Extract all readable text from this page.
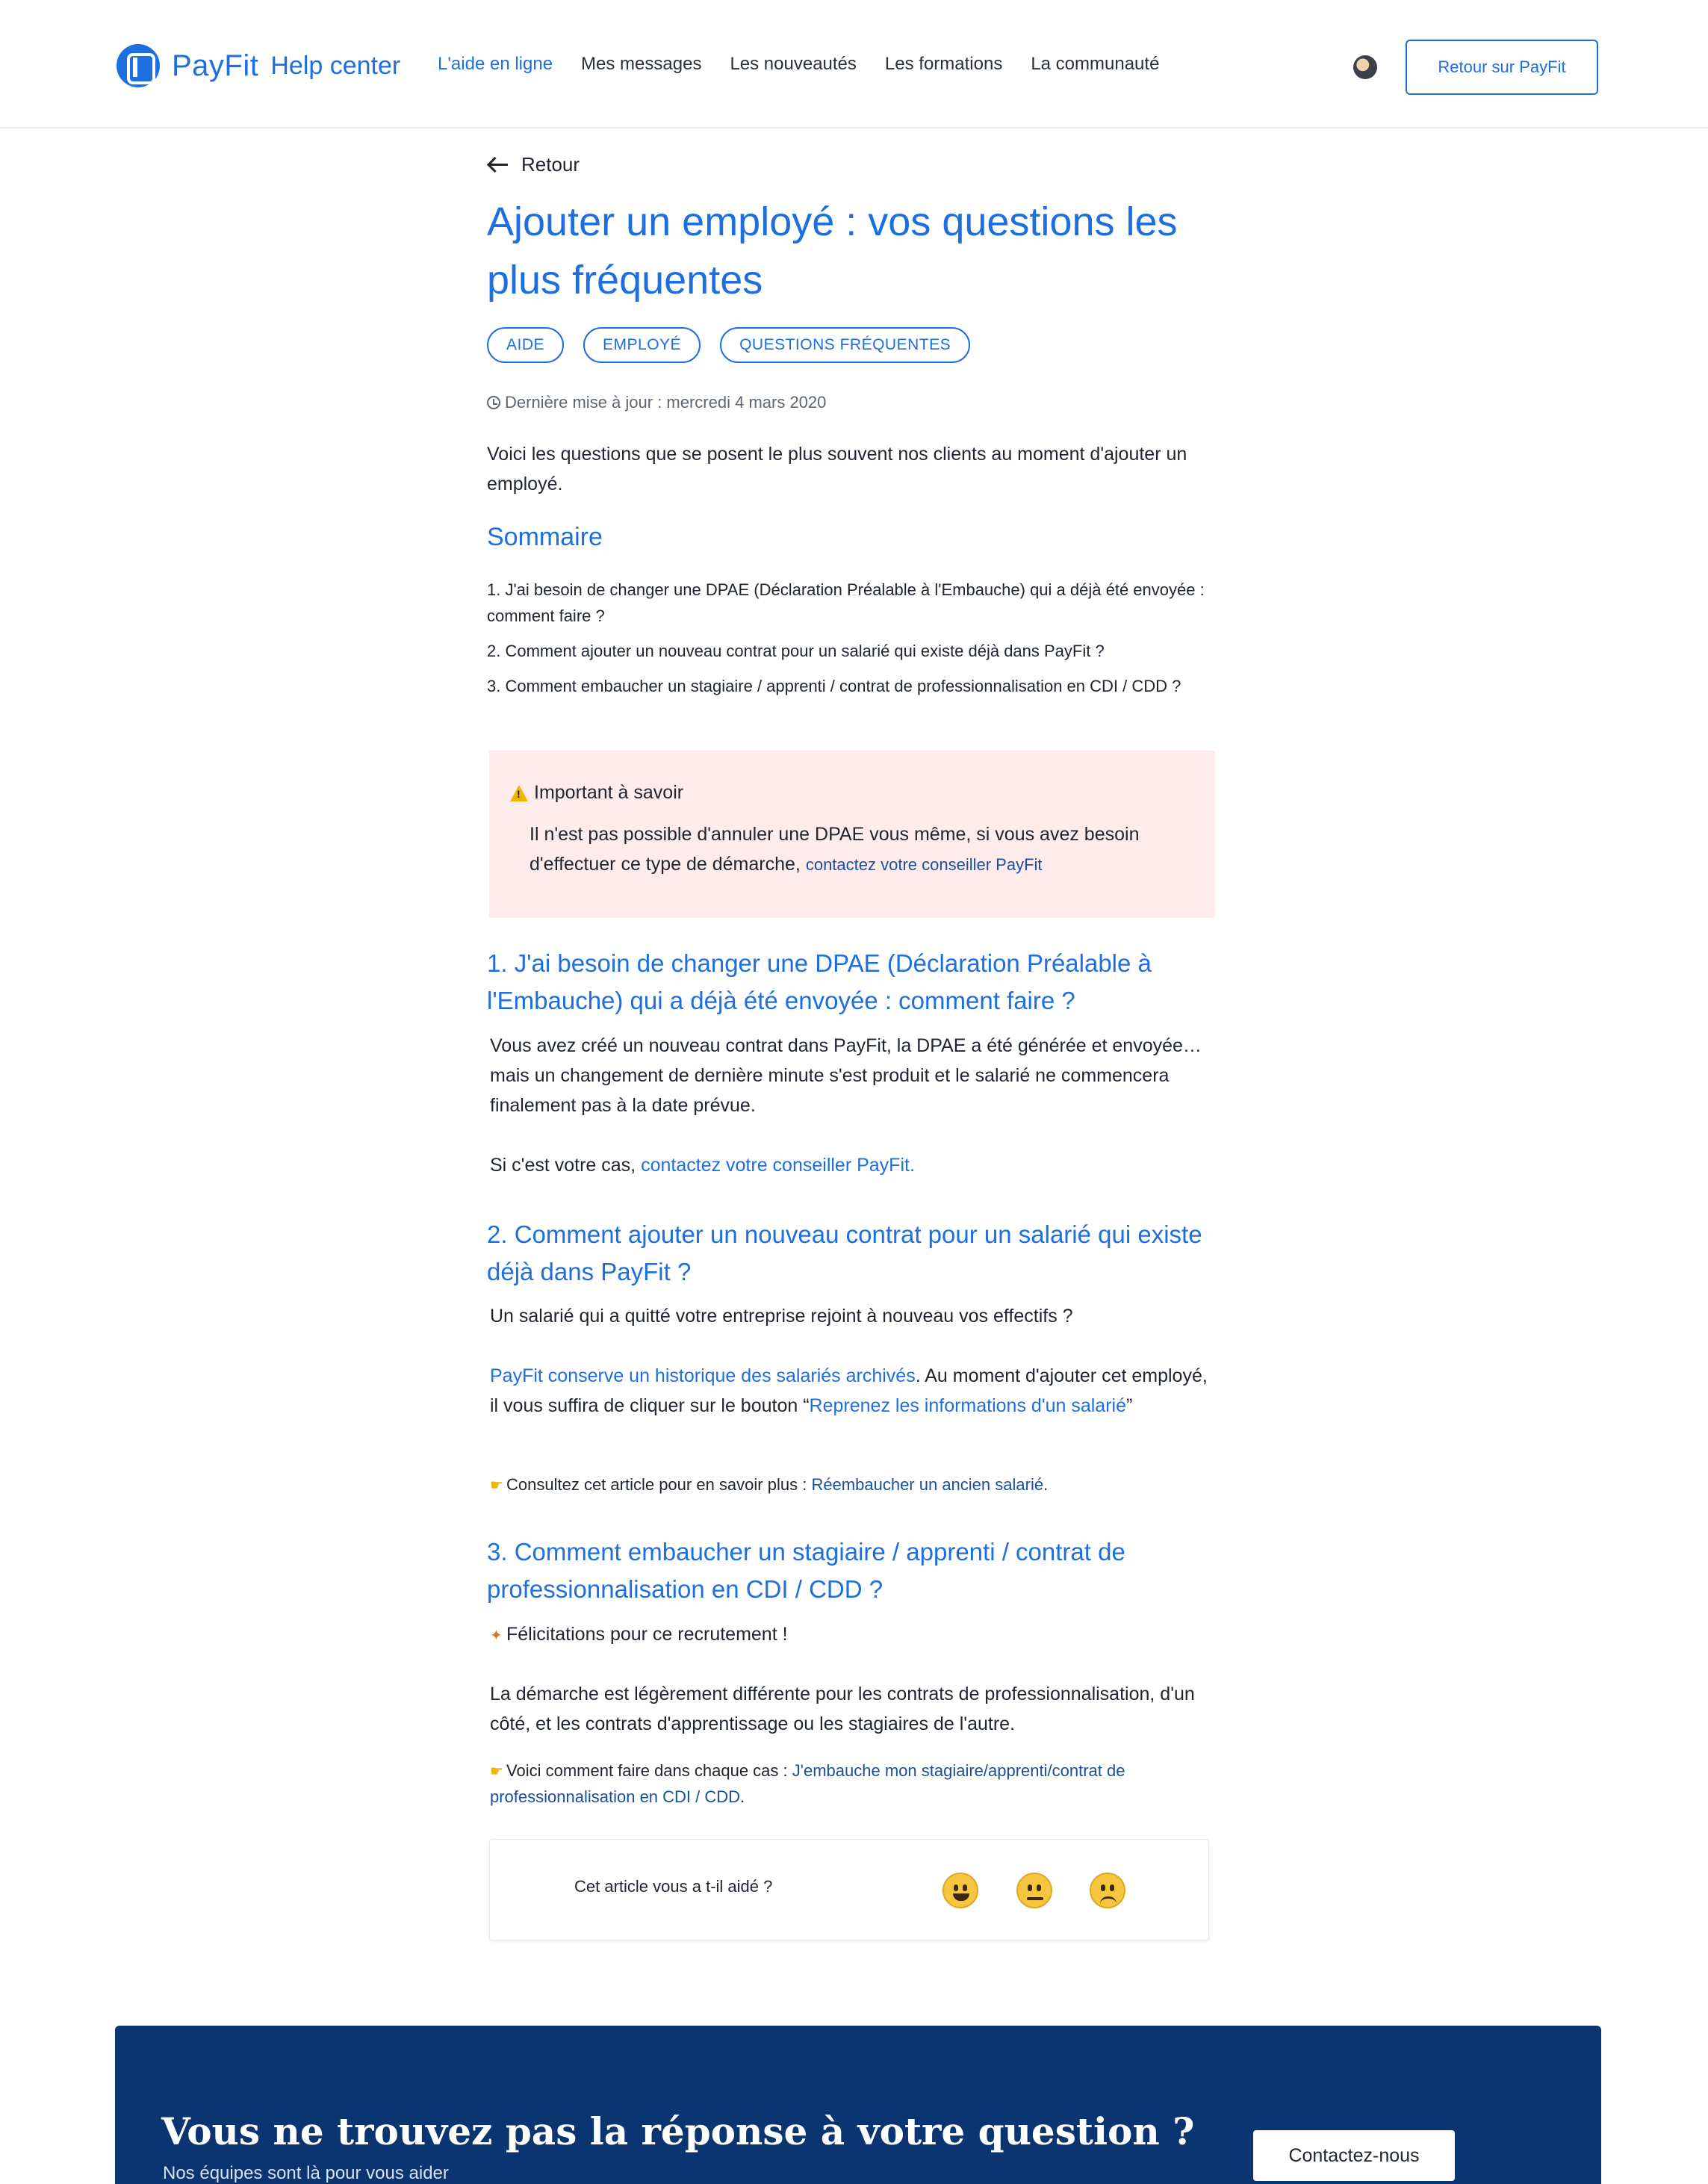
PayFit Help center L'aide en ligne Mes messages Les nouveautés Les formations La communauté	Retour sur PayFit
Retour
Ajouter un employé : vos questions les plus fréquentes
AIDE	EMPLOYÉ	QUESTIONS FRÉQUENTES
Dernière mise à jour : mercredi 4 mars 2020

Voici les questions que se posent le plus souvent nos clients au moment d'ajouter un employé.

Sommaire
1. J'ai besoin de changer une DPAE (Déclaration Préalable à l'Embauche) qui a déjà été envoyée : comment faire ?
2. Comment ajouter un nouveau contrat pour un salarié qui existe déjà dans PayFit ?
3. Comment embaucher un stagiaire / apprenti / contrat de professionnalisation en CDI / CDD ?
!
Important à savoir
Il n'est pas possible d'annuler une DPAE vous même, si vous avez besoin d'effectuer ce type de démarche, contactez votre conseiller PayFit
1. J'ai besoin de changer une DPAE (Déclaration Préalable à l'Embauche) qui a déjà été envoyée : comment faire ?

Vous avez créé un nouveau contrat dans PayFit, la DPAE a été générée et envoyée… mais un changement de dernière minute s'est produit et le salarié ne commencera finalement pas à la date prévue.

Si c'est votre cas, contactez votre conseiller PayFit.

2. Comment ajouter un nouveau contrat pour un salarié qui existe déjà dans PayFit ?

Un salarié qui a quitté votre entreprise rejoint à nouveau vos effectifs ?

PayFit conserve un historique des salariés archivés. Au moment d'ajouter cet employé, il vous suffira de cliquer sur le bouton “Reprenez les informations d'un salarié”

☛ Consultez cet article pour en savoir plus : Réembaucher un ancien salarié.

3. Comment embaucher un stagiaire / apprenti / contrat de professionnalisation en CDI / CDD ?

✦ Félicitations pour ce recrutement !

La démarche est légèrement différente pour les contrats de professionnalisation, d'un côté, et les contrats d'apprentissage ou les stagiaires de l'autre.

☛ Voici comment faire dans chaque cas : J'embauche mon stagiaire/apprenti/contrat de professionnalisation en CDI / CDD.

Cet article vous a t-il aidé ?
Vous ne trouvez pas la réponse à votre question ?
Nos équipes sont là pour vous aider
Contactez-nous
